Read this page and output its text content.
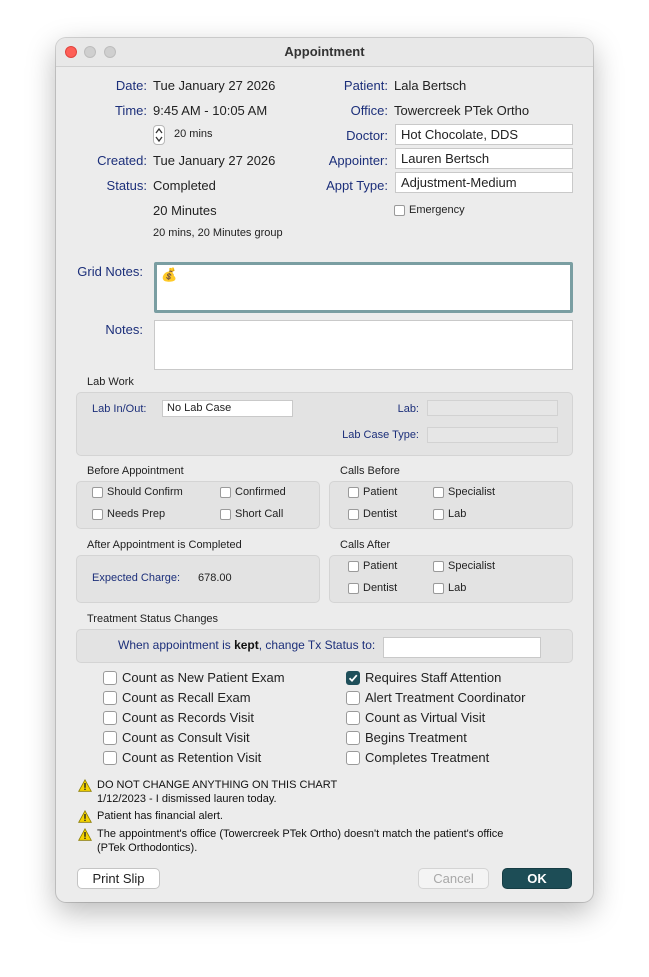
Appointment
Date: Tue January 27 2026
Time: 9:45 AM - 10:05 AM
20 mins
Created: Tue January 27 2026
Status: Completed
20 Minutes
20 mins, 20 Minutes group
Patient: Lala Bertsch
Office: Towercreek PTek Ortho
Doctor:	Hot Chocolate, DDS
Appointer:	Lauren Bertsch
Appt Type:	Adjustment-Medium
Emergency
Grid Notes: 💰
Notes:
Lab Work
Lab In/Out:	No Lab Case	Lab:
Lab Case Type:
Before Appointment
Should Confirm	Confirmed
Needs Prep	Short Call
Calls Before
Patient	Specialist
Dentist	Lab
After Appointment is Completed
Expected Charge: 678.00
Calls After
Patient	Specialist
Dentist	Lab
Treatment Status Changes
When appointment is kept, change Tx Status to:
Count as New Patient Exam
Count as Recall Exam
Count as Records Visit
Count as Consult Visit
Count as Retention Visit
Requires Staff Attention
Alert Treatment Coordinator
Count as Virtual Visit
Begins Treatment
Completes Treatment
DO NOT CHANGE ANYTHING ON THIS CHART
1/12/2023 - I dismissed lauren today.
Patient has financial alert.
The appointment's office (Towercreek PTek Ortho) doesn't match the patient's office
(PTek Orthodontics).
Print Slip	Cancel	OK
